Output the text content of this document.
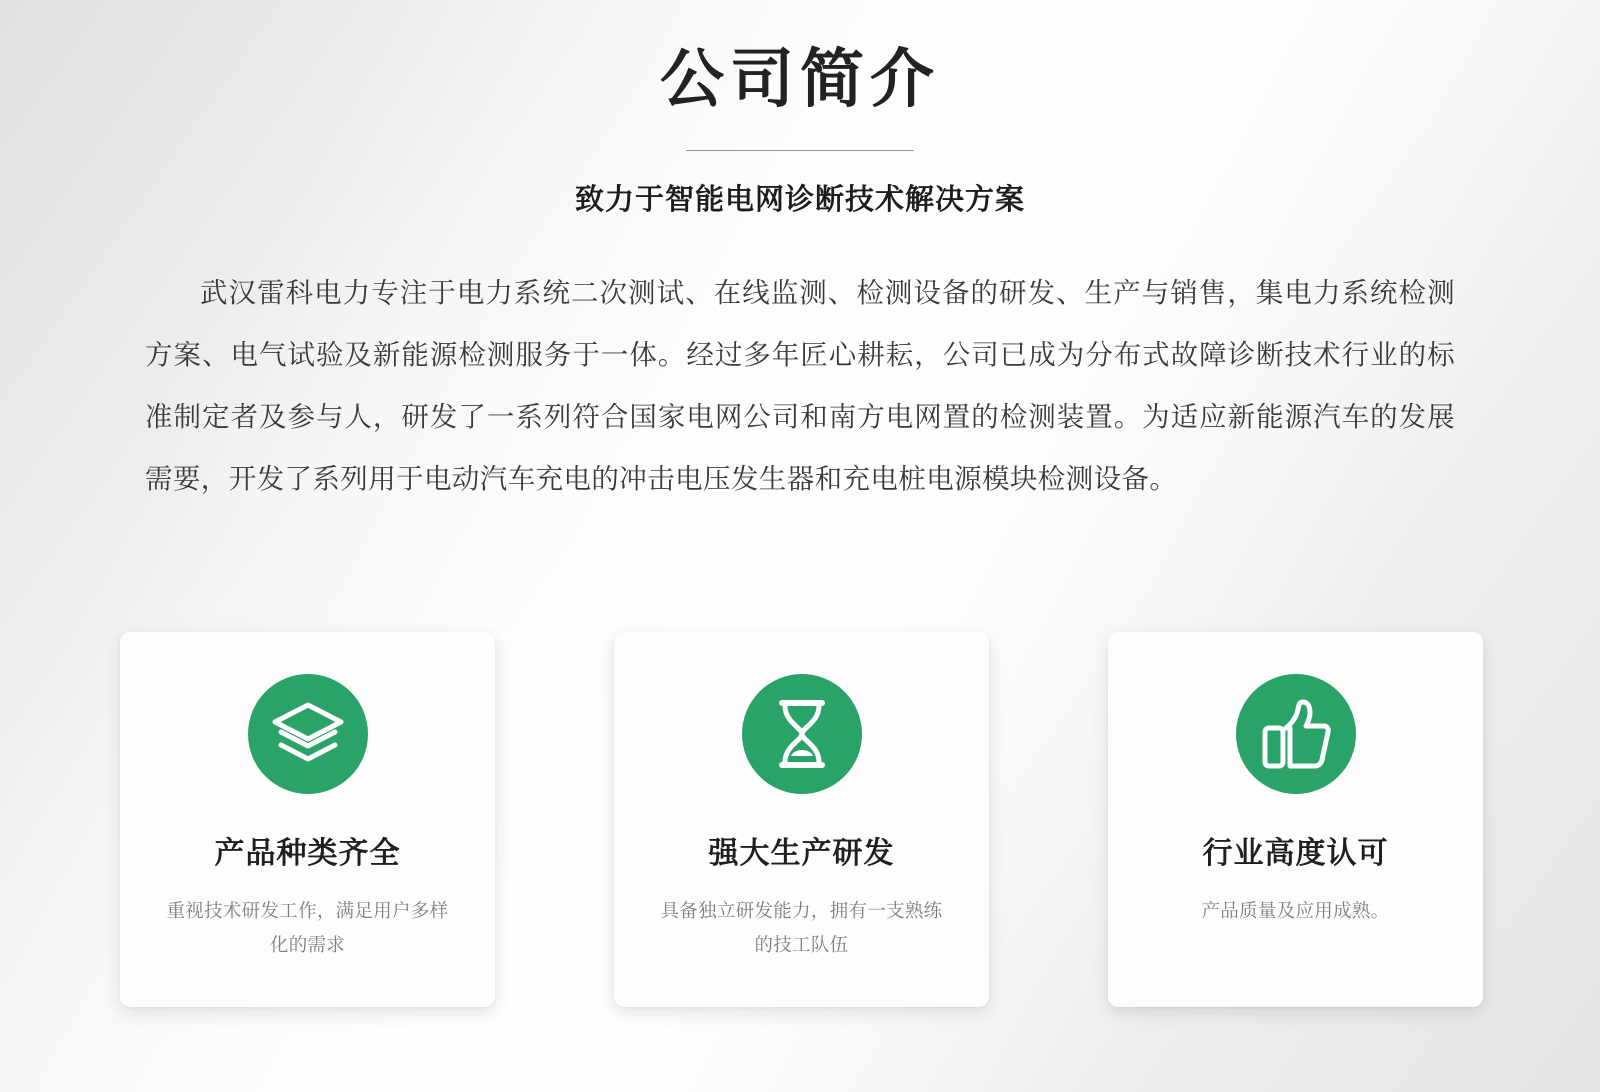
公司简介
致力于智能电网诊断技术解决方案

武汉雷科电力专注于电力系统二次测试、在线监测、检测设备的研发、生产与销售，集电力系统检测方案、电气试验及新能源检测服务于一体。经过多年匠心耕耘，公司已成为分布式故障诊断技术行业的标准制定者及参与人，研发了一系列符合国家电网公司和南方电网置的检测装置。为适应新能源汽车的发展需要，开发了系列用于电动汽车充电的冲击电压发生器和充电桩电源模块检测设备。

产品种类齐全
重视技术研发工作，满足用户多样化的需求
强大生产研发
具备独立研发能力，拥有一支熟练的技工队伍
行业高度认可
产品质量及应用成熟。
